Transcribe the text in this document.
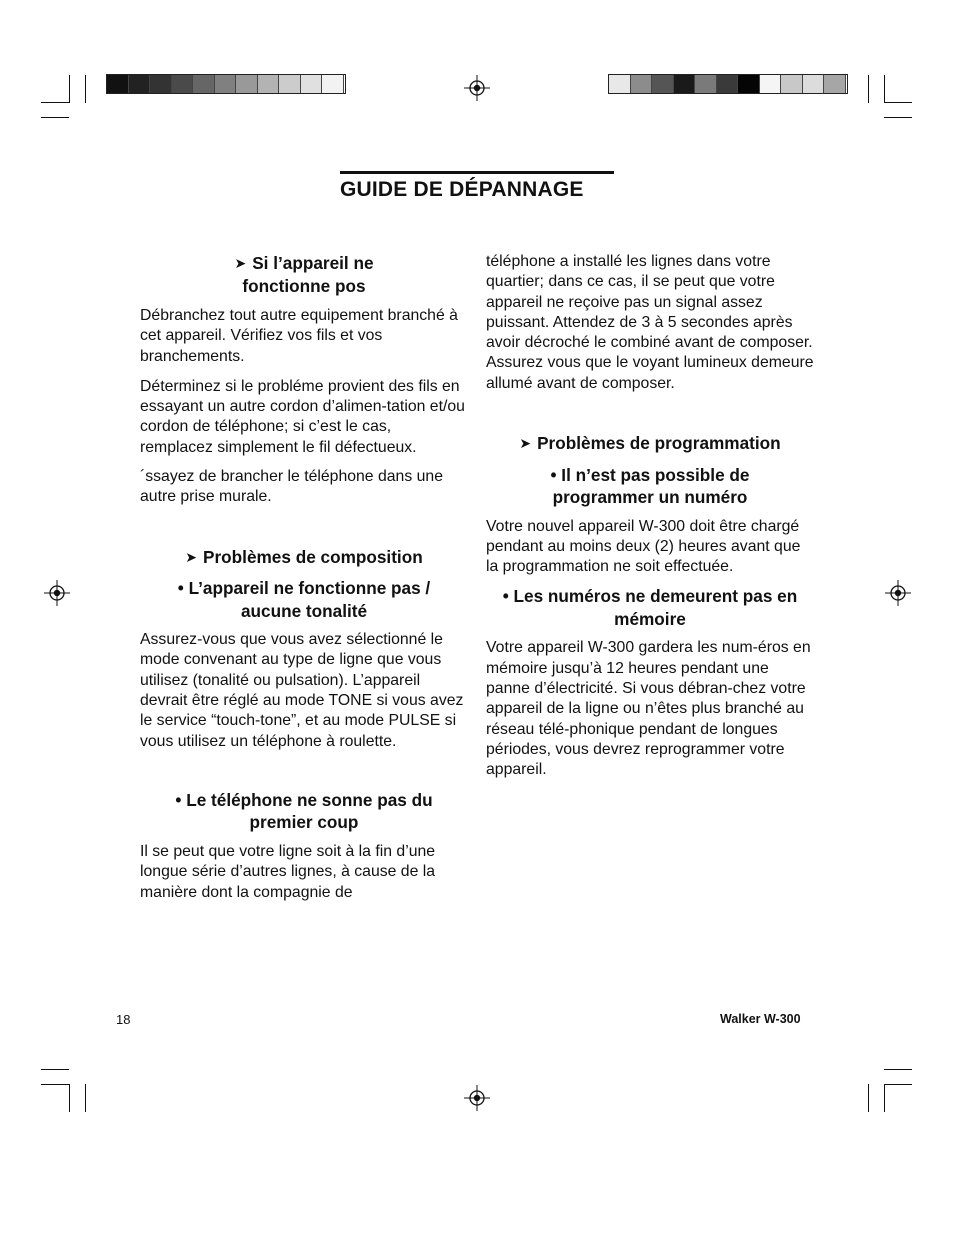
GUIDE DE DÉPANNAGE

➤ Si l’appareil ne fonctionne pos

Débranchez tout autre equipement branché à cet appareil. Vérifiez vos fils et vos branchements.

Déterminez si le probléme provient des fils en essayant un autre cordon d’alimen-tation et/ou cordon de téléphone; si c’est le cas, remplacez simplement le fil défectueux.

´ssayez de brancher le téléphone dans une autre prise murale.

➤ Problèmes de composition

• L’appareil ne fonctionne pas / aucune tonalité

Assurez-vous que vous avez sélectionné le mode convenant au type de ligne que vous utilisez (tonalité ou pulsation). L’appareil devrait être réglé au mode TONE si vous avez le service “touch-tone”, et au mode PULSE si vous utilisez un téléphone à roulette.

• Le téléphone ne sonne pas du premier coup

Il se peut que votre ligne soit à la fin d’une longue série d’autres lignes, à cause de la manière dont la compagnie de

téléphone a installé les lignes dans votre quartier; dans ce cas, il se peut que votre appareil ne reçoive pas un signal assez puissant. Attendez de 3 à 5 secondes après avoir décroché le combiné avant de composer. Assurez vous que le voyant lumineux demeure allumé avant de composer.

➤ Problèmes de programmation

• Il n’est pas possible de programmer un numéro

Votre nouvel appareil W-300 doit être chargé pendant au moins deux (2) heures avant que la programmation ne soit effectuée.

• Les numéros ne demeurent pas en mémoire

Votre appareil W-300 gardera les num-éros en mémoire jusqu’à 12 heures pendant une panne d’électricité. Si vous débran-chez votre appareil de la ligne ou n’êtes plus branché au réseau télé-phonique pendant de longues périodes, vous devrez reprogrammer votre appareil.

18	Walker W-300
